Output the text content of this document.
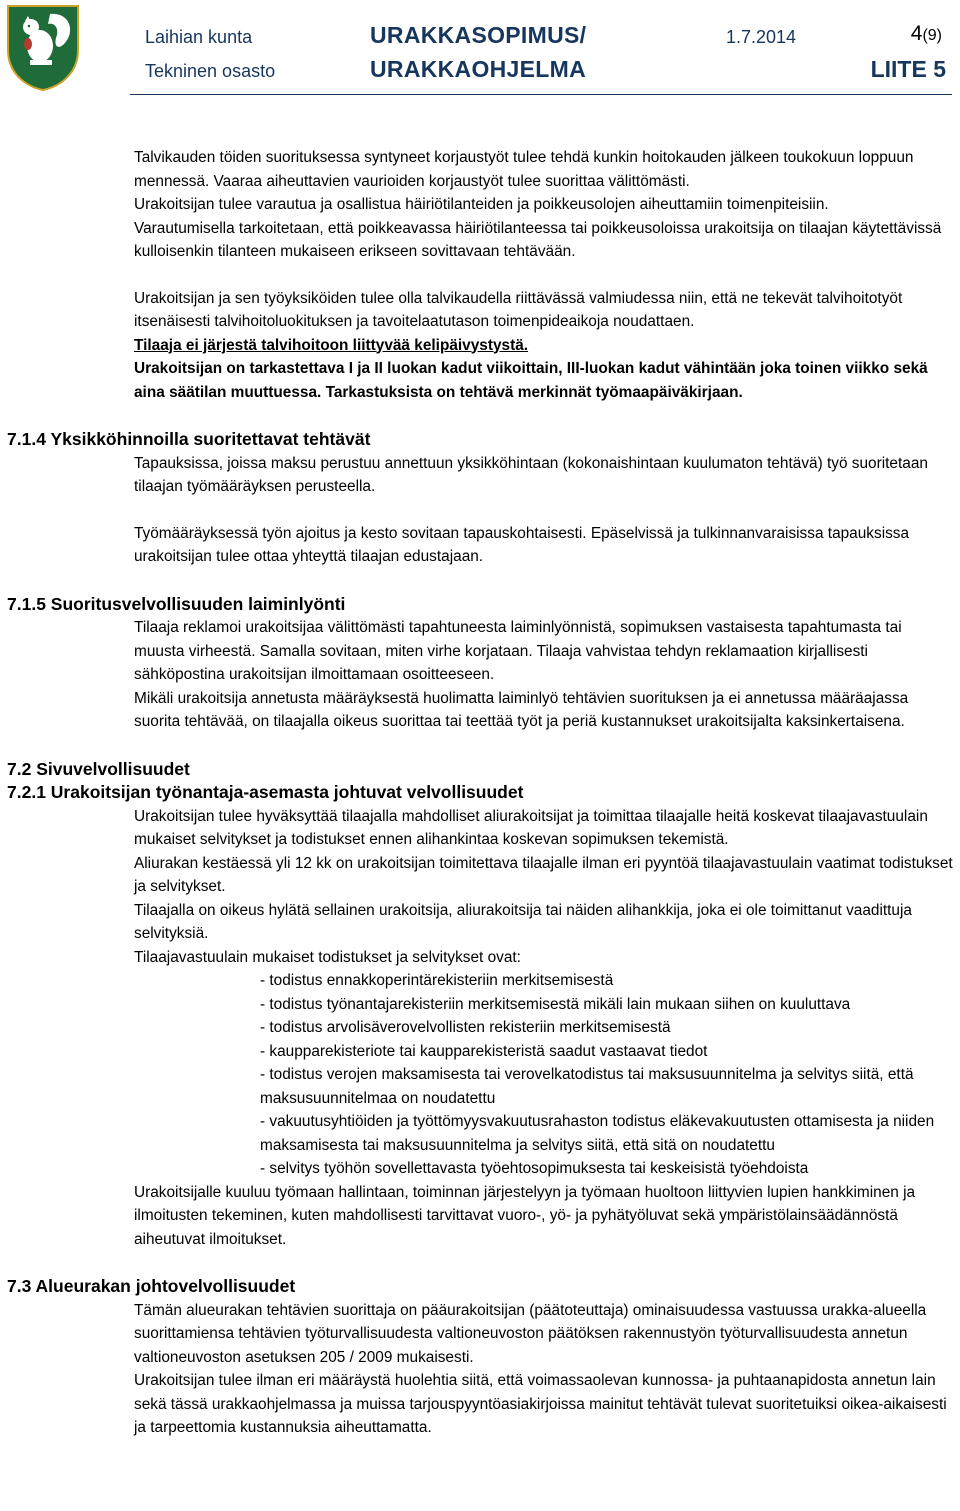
Laihian kunta
Tekninen osasto
URAKKASOPIMUS/
URAKKAOHJELMA
1.7.2014	4(9)
LIITE 5

Talvikauden töiden suorituksessa syntyneet korjaustyöt tulee tehdä kunkin hoitokauden jälkeen toukokuun loppuun mennessä. Vaaraa aiheuttavien vaurioiden korjaustyöt tulee suorittaa välittömästi.

Urakoitsijan tulee varautua ja osallistua häiriötilanteiden ja poikkeusolojen aiheuttamiin toimenpiteisiin.

Varautumisella tarkoitetaan, että poikkeavassa häiriötilanteessa tai poikkeusoloissa urakoitsija on tilaajan käytettävissä kulloisenkin tilanteen mukaiseen erikseen sovittavaan tehtävään.

Urakoitsijan ja sen työyksiköiden tulee olla talvikaudella riittävässä valmiudessa niin, että ne tekevät talvihoitotyöt itsenäisesti talvihoitoluokituksen ja tavoitelaatutason toimenpideaikoja noudattaen.

Tilaaja ei järjestä talvihoitoon liittyvää kelipäivystystä.

Urakoitsijan on tarkastettava I ja II luokan kadut viikoittain, III-luokan kadut vähintään joka toinen viikko sekä aina säätilan muuttuessa. Tarkastuksista on tehtävä merkinnät työmaapäiväkirjaan.

7.1.4 Yksikköhinnoilla suoritettavat tehtävät

Tapauksissa, joissa maksu perustuu annettuun yksikköhintaan (kokonaishintaan kuulumaton tehtävä) työ suoritetaan tilaajan työmääräyksen perusteella.

Työmääräyksessä työn ajoitus ja kesto sovitaan tapauskohtaisesti. Epäselvissä ja tulkinnanvaraisissa tapauksissa urakoitsijan tulee ottaa yhteyttä tilaajan edustajaan.

7.1.5 Suoritusvelvollisuuden laiminlyönti

Tilaaja reklamoi urakoitsijaa välittömästi tapahtuneesta laiminlyönnistä, sopimuksen vastaisesta tapahtumasta tai muusta virheestä. Samalla sovitaan, miten virhe korjataan. Tilaaja vahvistaa tehdyn reklamaation kirjallisesti sähköpostina urakoitsijan ilmoittamaan osoitteeseen.

Mikäli urakoitsija annetusta määräyksestä huolimatta laiminlyö tehtävien suorituksen ja ei annetussa määräajassa suorita tehtävää, on tilaajalla oikeus suorittaa tai teettää työt ja periä kustannukset urakoitsijalta kaksinkertaisena.

7.2 Sivuvelvollisuudet
7.2.1 Urakoitsijan työnantaja-asemasta johtuvat velvollisuudet

Urakoitsijan tulee hyväksyttää tilaajalla mahdolliset aliurakoitsijat ja toimittaa tilaajalle heitä koskevat tilaajavastuulain mukaiset selvitykset ja todistukset ennen alihankintaa koskevan sopimuksen tekemistä.

Aliurakan kestäessä yli 12 kk on urakoitsijan toimitettava tilaajalle ilman eri pyyntöä tilaajavastuulain vaatimat todistukset ja selvitykset.

Tilaajalla on oikeus hylätä sellainen urakoitsija, aliurakoitsija tai näiden alihankkija, joka ei ole toimittanut vaadittuja selvityksiä.

Tilaajavastuulain mukaiset todistukset ja selvitykset ovat:

- todistus ennakkoperintärekisteriin merkitsemisestä
- todistus työnantajarekisteriin merkitsemisestä mikäli lain mukaan siihen on kuuluttava
- todistus arvolisäverovelvollisten rekisteriin merkitsemisestä
- kaupparekisteriote tai kaupparekisteristä saadut vastaavat tiedot
- todistus verojen maksamisesta tai verovelkatodistus tai maksusuunnitelma ja selvitys siitä, että maksusuunnitelmaa on noudatettu
- vakuutusyhtiöiden ja työttömyysvakuutusrahaston todistus eläkevakuutusten ottamisesta ja niiden maksamisesta tai maksusuunnitelma ja selvitys siitä, että sitä on noudatettu
- selvitys työhön sovellettavasta työehtosopimuksesta tai keskeisistä työehdoista

Urakoitsijalle kuuluu työmaan hallintaan, toiminnan järjestelyyn ja työmaan huoltoon liittyvien lupien hankkiminen ja ilmoitusten tekeminen, kuten mahdollisesti tarvittavat vuoro-, yö- ja pyhätyöluvat sekä ympäristölainsäädännöstä aiheutuvat ilmoitukset.

7.3 Alueurakan johtovelvollisuudet

Tämän alueurakan tehtävien suorittaja on pääurakoitsijan (päätoteuttaja) ominaisuudessa vastuussa urakka-alueella suorittamiensa tehtävien työturvallisuudesta valtioneuvoston päätöksen rakennustyön työturvallisuudesta annetun valtioneuvoston asetuksen 205 / 2009 mukaisesti.

Urakoitsijan tulee ilman eri määräystä huolehtia siitä, että voimassaolevan kunnossa- ja puhtaanapidosta annetun lain sekä tässä urakkaohjelmassa ja muissa tarjouspyyntöasiakirjoissa mainitut tehtävät tulevat suoritetuiksi oikea-aikaisesti ja tarpeettomia kustannuksia aiheuttamatta.
